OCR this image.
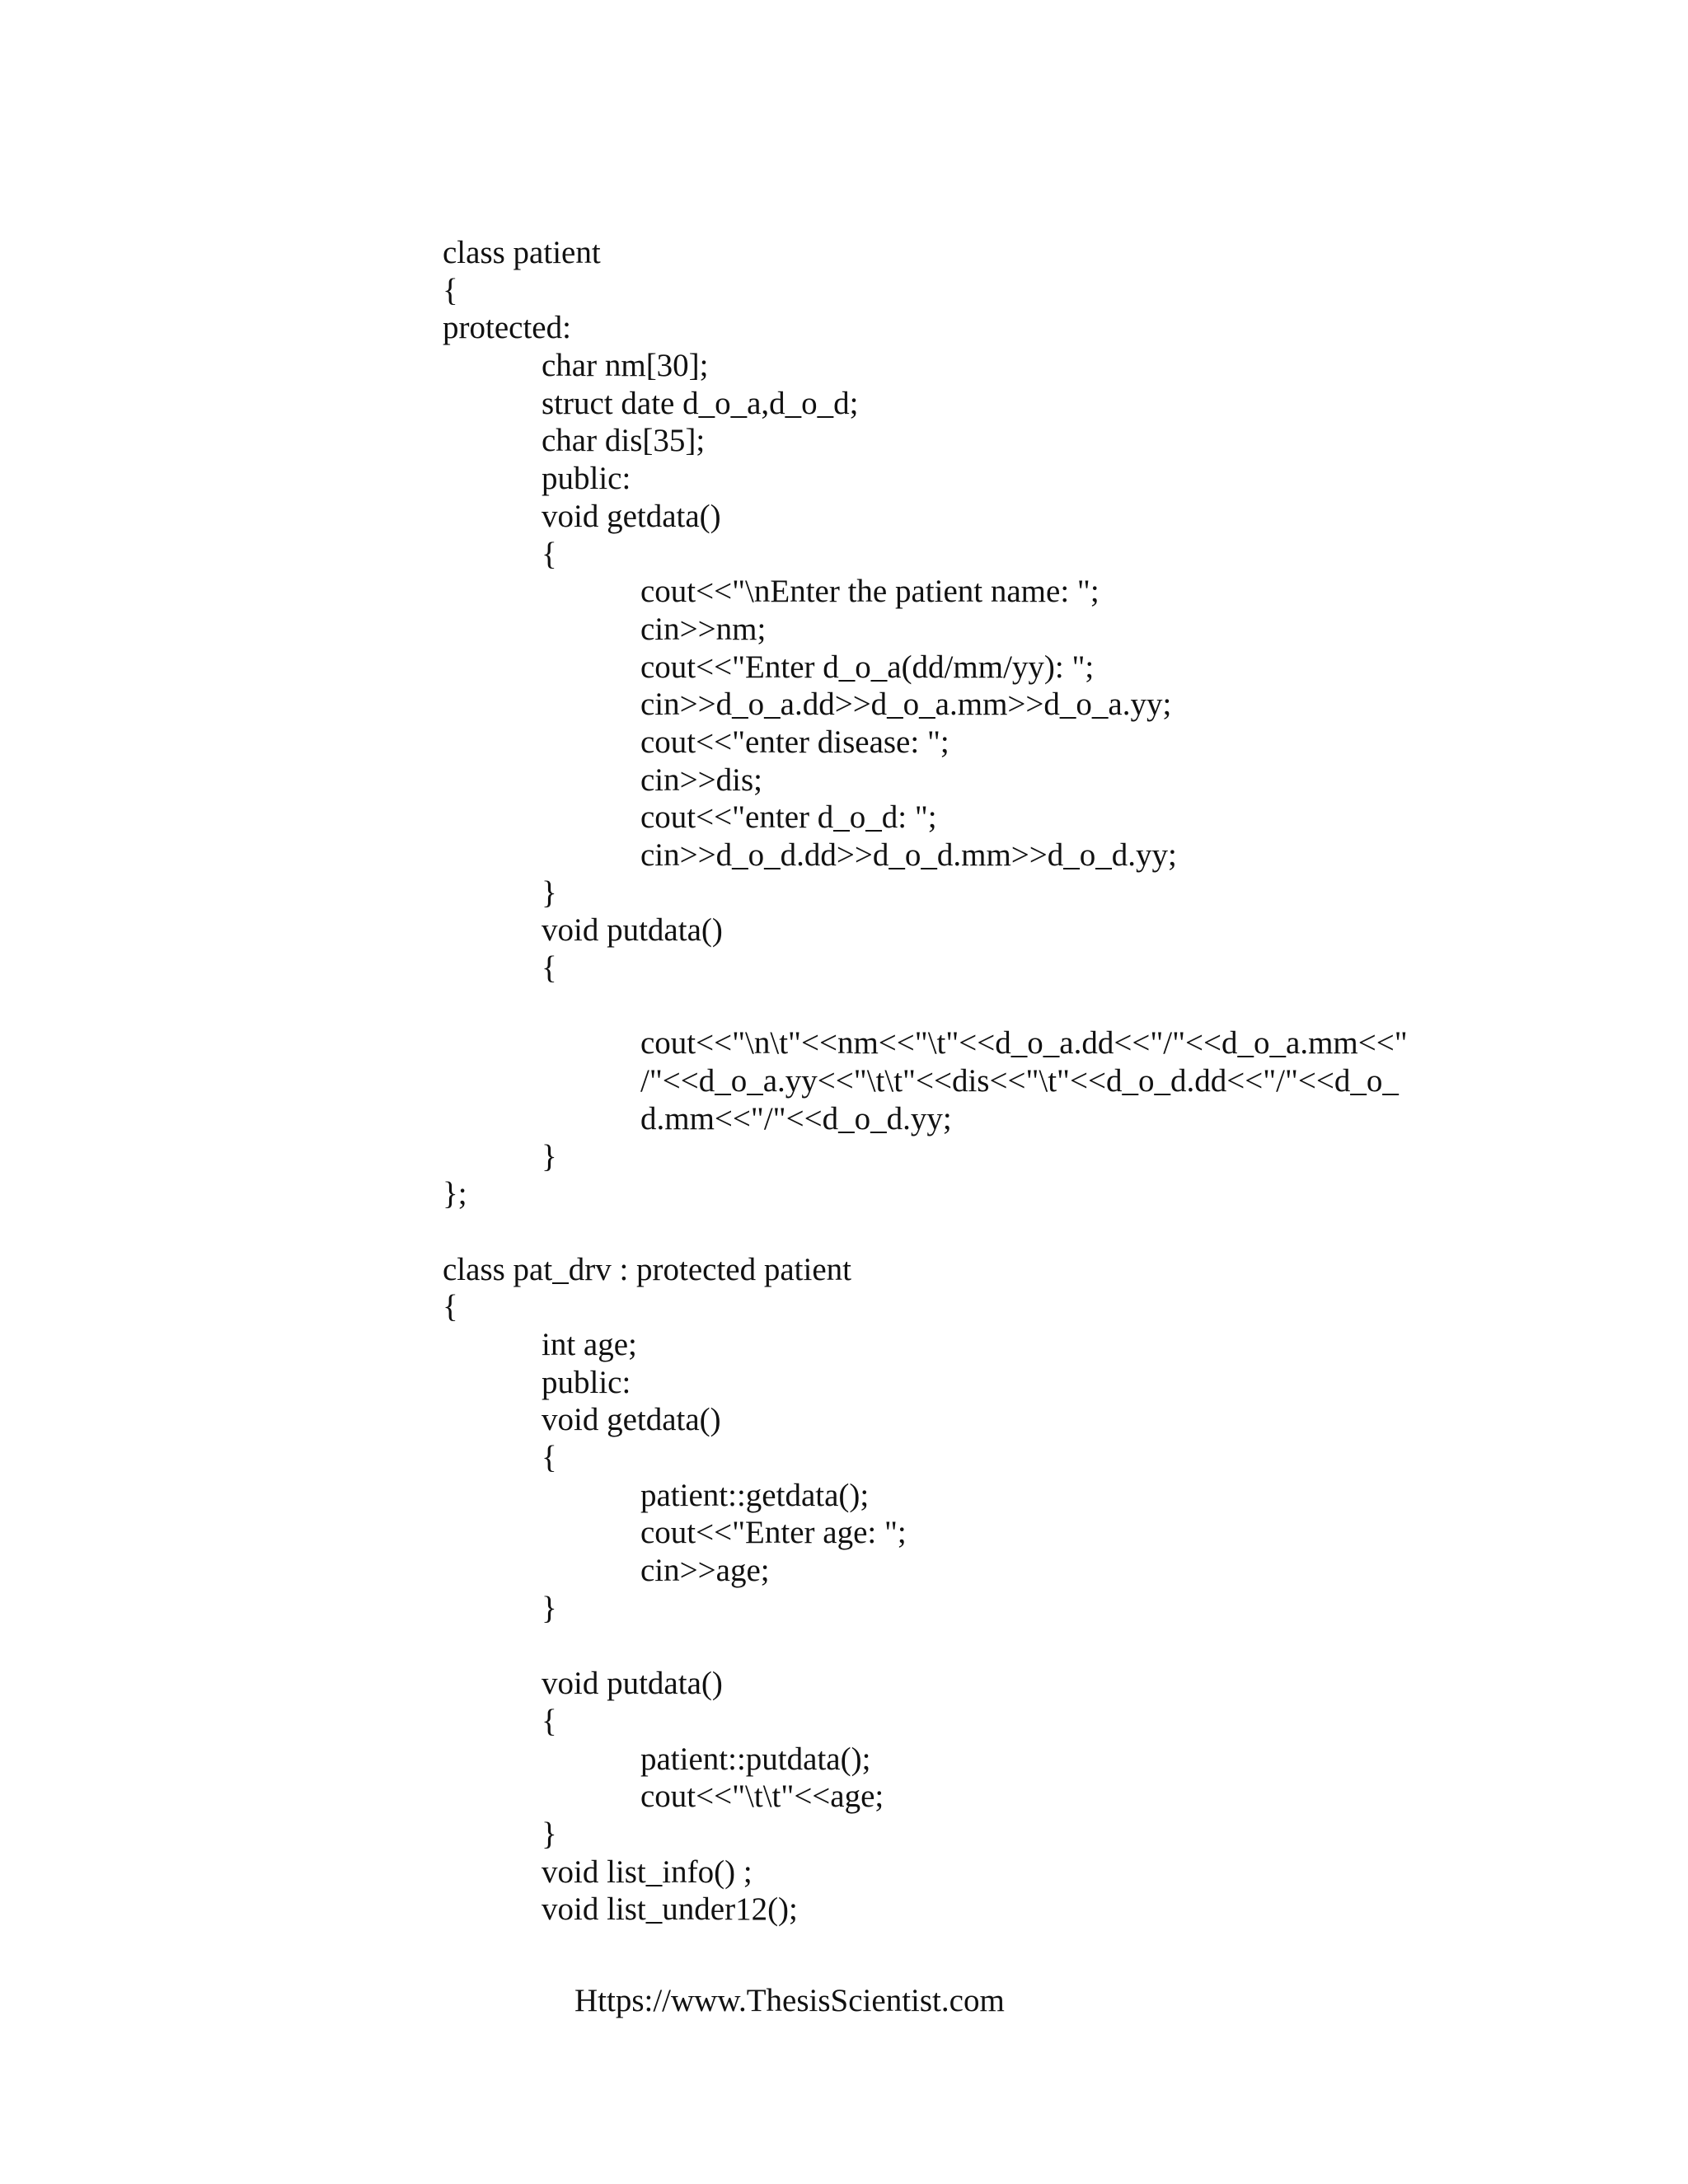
class patient
{
protected:
char nm[30];
struct date d_o_a,d_o_d;
char dis[35];
public:
void getdata()
{
cout<<"\nEnter the patient name: ";
cin>>nm;
cout<<"Enter d_o_a(dd/mm/yy): ";
cin>>d_o_a.dd>>d_o_a.mm>>d_o_a.yy;
cout<<"enter disease: ";
cin>>dis;
cout<<"enter d_o_d: ";
cin>>d_o_d.dd>>d_o_d.mm>>d_o_d.yy;
}
void putdata()
{
cout<<"\n\t"<<nm<<"\t"<<d_o_a.dd<<"/"<<d_o_a.mm<<"
/"<<d_o_a.yy<<"\t\t"<<dis<<"\t"<<d_o_d.dd<<"/"<<d_o_
d.mm<<"/"<<d_o_d.yy;
}
};
class pat_drv : protected patient
{
int age;
public:
void getdata()
{
patient::getdata();
cout<<"Enter age: ";
cin>>age;
}
void putdata()
{
patient::putdata();
cout<<"\t\t"<<age;
}
void list_info() ;
void list_under12();
Https://www.ThesisScientist.com
